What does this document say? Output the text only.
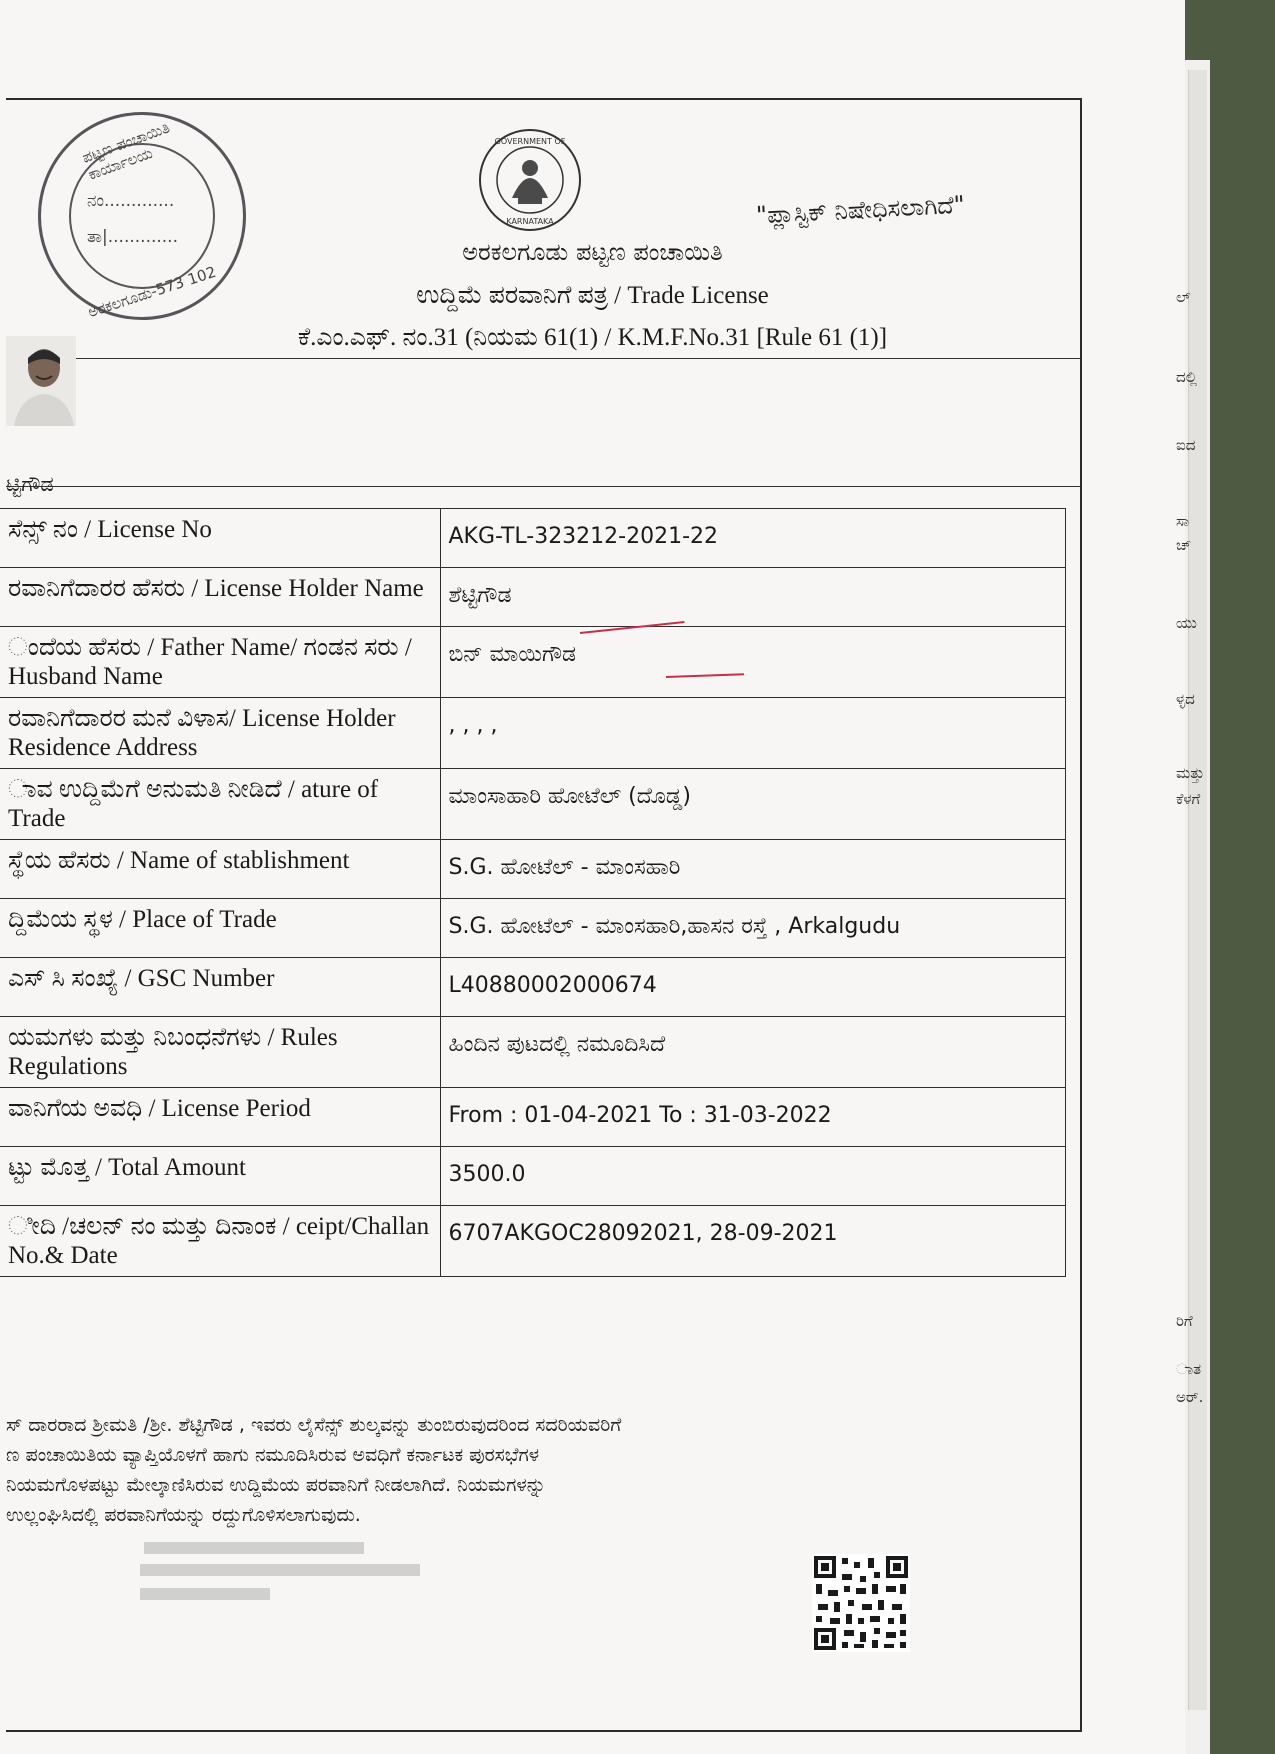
ನಂ.............
ತಾ|.............
ಪಟ್ಟಣ ಪಂಚಾಯಿತಿ ಕಾರ್ಯಾಲಯ
ಅರಕಲಗೂಡು-573 102
GOVERNMENT OF
KARNATAKA	"ಪ್ಲಾಸ್ಟಿಕ್ ನಿಷೇಧಿಸಲಾಗಿದೆ"
ಅರಕಲಗೂಡು ಪಟ್ಟಣ ಪಂಚಾಯಿತಿ
ಉದ್ದಿಮೆ ಪರವಾನಿಗೆ ಪತ್ರ / Trade License
ಕೆ.ಎಂ.ಎಫ್. ನಂ.31 (ನಿಯಮ 61(1) / K.M.F.No.31 [Rule 61 (1)]
ಟ್ಟಿಗೌಡ
ಸೆನ್ಸ್ ನಂ / License No	AKG-TL-323212-2021-22
ರವಾನಿಗೆದಾರರ ಹೆಸರು / License Holder Name	ಶೆಟ್ಟಿಗೌಡ
ಂದೆಯ ಹೆಸರು / Father Name/ ಗಂಡನ ಸರು / Husband Name	ಬಿನ್ ಮಾಯಿಗೌಡ
ರವಾನಿಗೆದಾರರ ಮನೆ ವಿಳಾಸ/ License Holder Residence Address	, , , ,
ಾವ ಉದ್ದಿಮೆಗೆ ಅನುಮತಿ ನೀಡಿದೆ / ature of Trade	ಮಾಂಸಾಹಾರಿ ಹೋಟೆಲ್ (ದೊಡ್ಡ)
ಸ್ಥೆಯ ಹೆಸರು / Name of stablishment	S.G. ಹೋಟೆಲ್ - ಮಾಂಸಹಾರಿ
ದ್ದಿಮೆಯ ಸ್ಥಳ / Place of Trade	S.G. ಹೋಟೆಲ್ - ಮಾಂಸಹಾರಿ,ಹಾಸನ ರಸ್ತೆ , Arkalgudu
ಎಸ್ ಸಿ ಸಂಖ್ಯೆ / GSC Number	L40880002000674
ಯಮಗಳು ಮತ್ತು ನಿಬಂಧನೆಗಳು / Rules Regulations	ಹಿಂದಿನ ಪುಟದಲ್ಲಿ ನಮೂದಿಸಿದೆ
ವಾನಿಗೆಯ ಅವಧಿ / License Period	From : 01-04-2021 To : 31-03-2022
ಟ್ಟು ಮೊತ್ತ / Total Amount	3500.0
ೀದಿ /ಚಲನ್ ನಂ ಮತ್ತು ದಿನಾಂಕ / ceipt/Challan No.& Date	6707AKGOC28092021, 28-09-2021
ಸ್ ದಾರರಾದ ಶ್ರೀಮತಿ /ಶ್ರೀ. ಶೆಟ್ಟಿಗೌಡ , ಇವರು ಲೈಸೆನ್ಸ್ ಶುಲ್ಕವನ್ನು ತುಂಬಿರುವುದರಿಂದ ಸದರಿಯವರಿಗೆ
ಣ ಪಂಚಾಯಿತಿಯ ವ್ಯಾಪ್ತಿಯೊಳಗೆ ಹಾಗು ನಮೂದಿಸಿರುವ ಅವಧಿಗೆ ಕರ್ನಾಟಕ ಪುರಸಭೆಗಳ
ನಿಯಮಗೊಳಪಟ್ಟು ಮೇಲ್ಕಾಣಿಸಿರುವ ಉದ್ದಿಮೆಯ ಪರವಾನಿಗೆ ನೀಡಲಾಗಿದೆ. ನಿಯಮಗಳನ್ನು
ಉಲ್ಲಂಘಿಸಿದಲ್ಲಿ ಪರವಾನಿಗೆಯನ್ನು ರದ್ದುಗೊಳಿಸಲಾಗುವುದು.
ಲ್
ದಲ್ಲಿ
ಐದ
ಸಾ
ಚ್
ಯು
ಳ್ಳದ
ಮತ್ತು
ಕೆಳಗೆ
ರಿಗೆ
ಾತ
ಅರ್.
